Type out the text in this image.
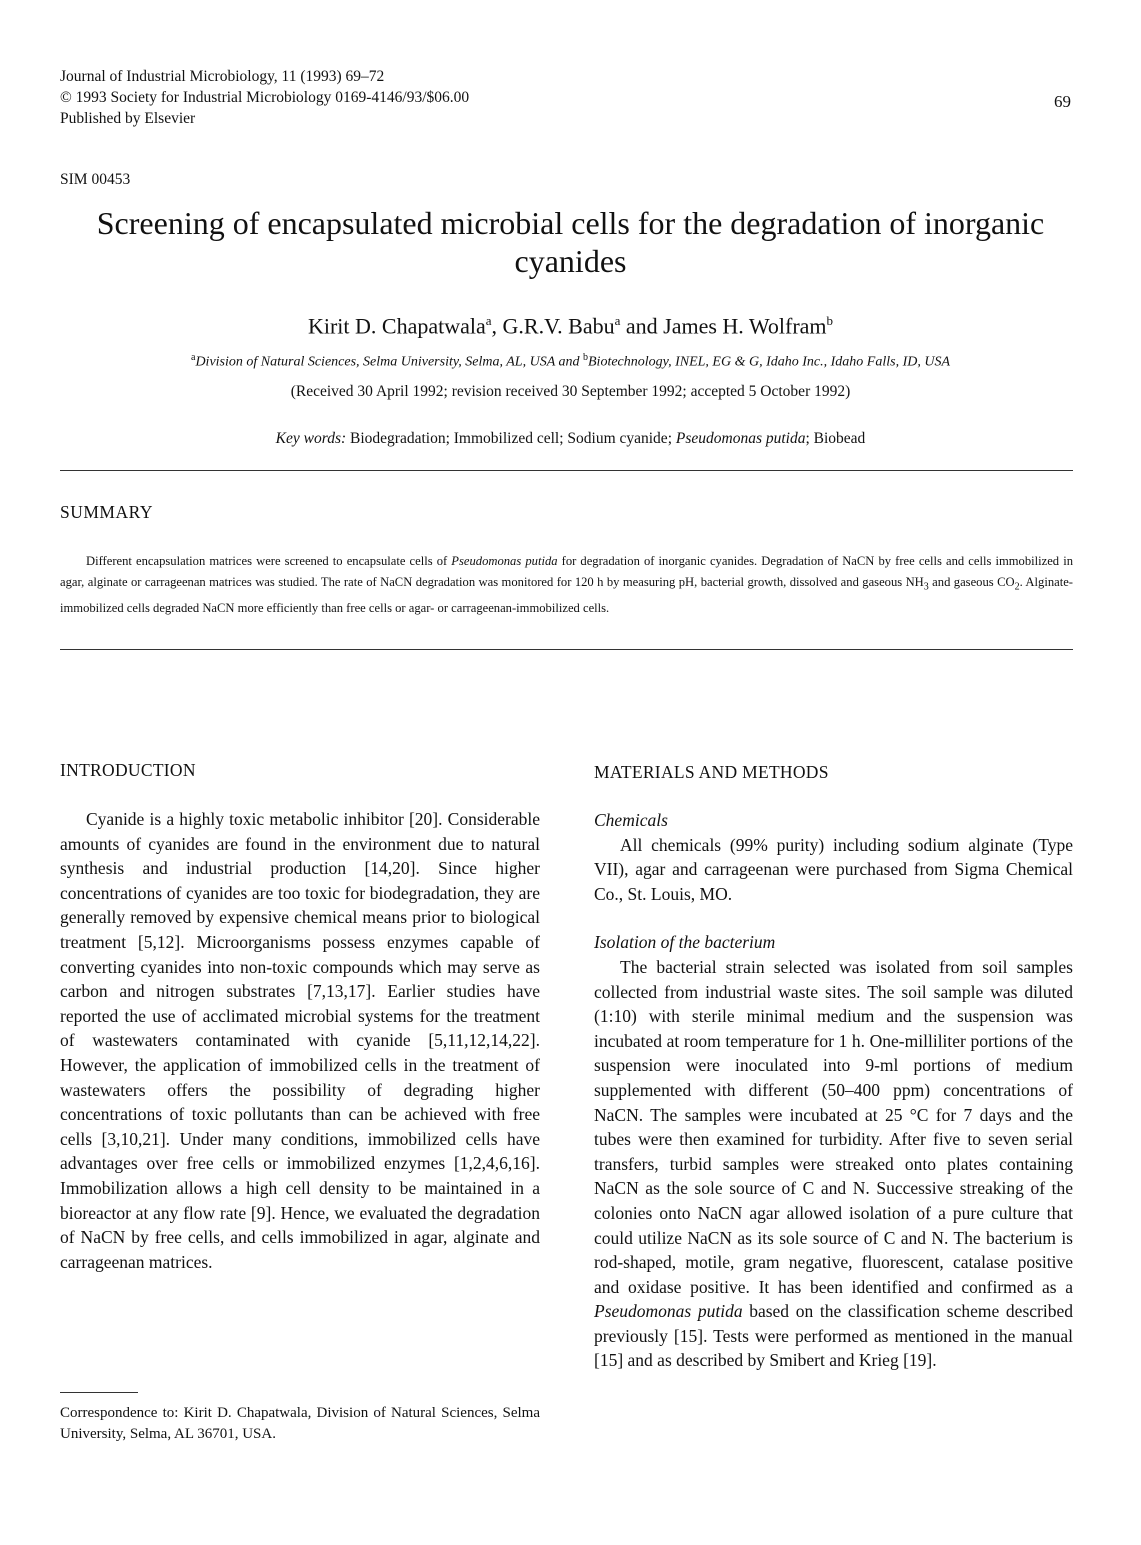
Journal of Industrial Microbiology, 11 (1993) 69–72
© 1993 Society for Industrial Microbiology 0169-4146/93/$06.00
Published by Elsevier
69
SIM 00453
Screening of encapsulated microbial cells for the degradation of inorganic cyanides
Kirit D. Chapatwala$^a$, G.R.V. Babu$^a$ and James H. Wolfram$^b$
$^a$Division of Natural Sciences, Selma University, Selma, AL, USA and $^b$Biotechnology, INEL, EG & G, Idaho Inc., Idaho Falls, ID, USA
(Received 30 April 1992; revision received 30 September 1992; accepted 5 October 1992)
Key words: Biodegradation; Immobilized cell; Sodium cyanide; Pseudomonas putida; Biobead
SUMMARY
Different encapsulation matrices were screened to encapsulate cells of Pseudomonas putida for degradation of inorganic cyanides. Degradation of NaCN by free cells and cells immobilized in agar, alginate or carrageenan matrices was studied. The rate of NaCN degradation was monitored for 120 h by measuring pH, bacterial growth, dissolved and gaseous $NH_3$ and gaseous $CO_2$. Alginate-immobilized cells degraded NaCN more efficiently than free cells or agar- or carrageenan-immobilized cells.
INTRODUCTION

Cyanide is a highly toxic metabolic inhibitor [20]. Considerable amounts of cyanides are found in the environment due to natural synthesis and industrial production [14,20]. Since higher concentrations of cyanides are too toxic for biodegradation, they are generally removed by expensive chemical means prior to biological treatment [5,12]. Microorganisms possess enzymes capable of converting cyanides into non-toxic compounds which may serve as carbon and nitrogen substrates [7,13,17]. Earlier studies have reported the use of acclimated microbial systems for the treatment of wastewaters contaminated with cyanide [5,11,12,14,22]. However, the application of immobilized cells in the treatment of wastewaters offers the possibility of degrading higher concentrations of toxic pollutants than can be achieved with free cells [3,10,21]. Under many conditions, immobilized cells have advantages over free cells or immobilized enzymes [1,2,4,6,16]. Immobilization allows a high cell density to be maintained in a bioreactor at any flow rate [9]. Hence, we evaluated the degradation of NaCN by free cells, and cells immobilized in agar, alginate and carrageenan matrices.

Correspondence to: Kirit D. Chapatwala, Division of Natural Sciences, Selma University, Selma, AL 36701, USA.
MATERIALS AND METHODS
Chemicals

All chemicals (99% purity) including sodium alginate (Type VII), agar and carrageenan were purchased from Sigma Chemical Co., St. Louis, MO.

Isolation of the bacterium

The bacterial strain selected was isolated from soil samples collected from industrial waste sites. The soil sample was diluted (1:10) with sterile minimal medium and the suspension was incubated at room temperature for 1 h. One-milliliter portions of the suspension were inoculated into 9-ml portions of medium supplemented with different (50–400 ppm) concentrations of NaCN. The samples were incubated at 25 °C for 7 days and the tubes were then examined for turbidity. After five to seven serial transfers, turbid samples were streaked onto plates containing NaCN as the sole source of C and N. Successive streaking of the colonies onto NaCN agar allowed isolation of a pure culture that could utilize NaCN as its sole source of C and N. The bacterium is rod-shaped, motile, gram negative, fluorescent, catalase positive and oxidase positive. It has been identified and confirmed as a Pseudomonas putida based on the classification scheme described previously [15]. Tests were performed as mentioned in the manual [15] and as described by Smibert and Krieg [19].
